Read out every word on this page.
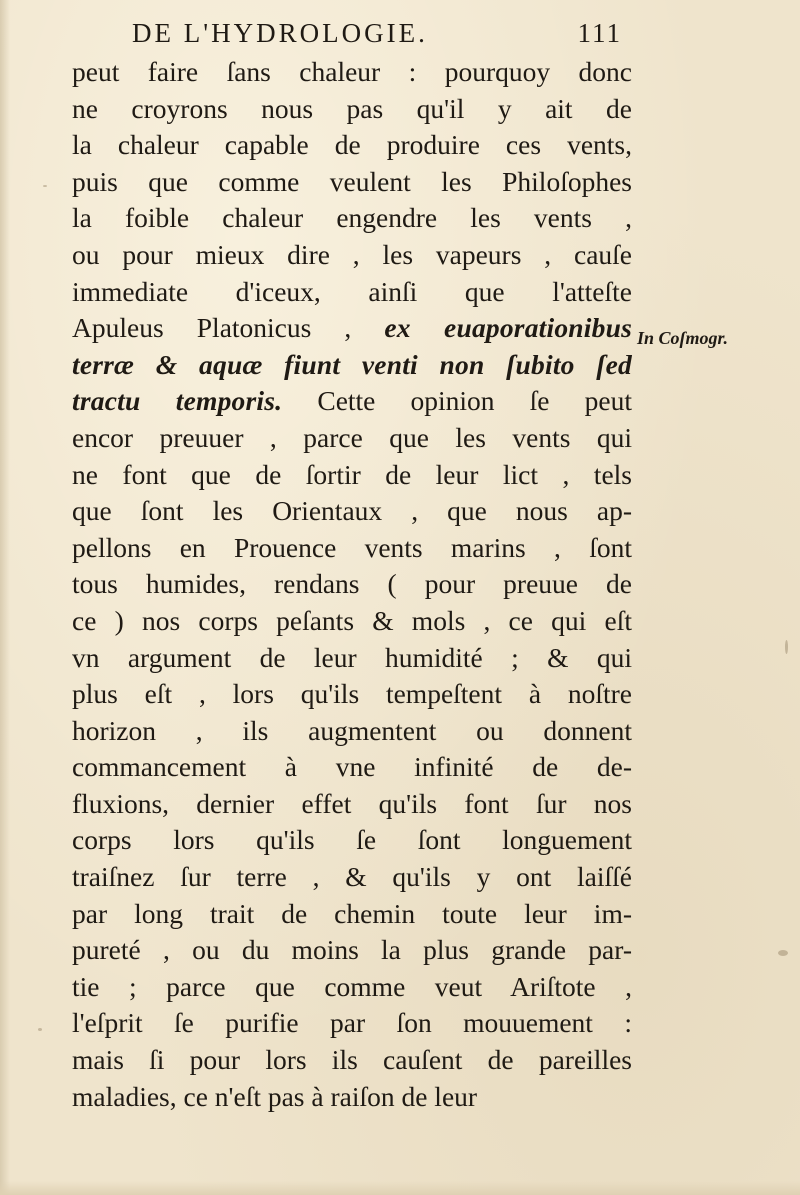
DE L'HYDROLOGIE.	111
peut faire ſans chaleur : pourquoy donc
ne croyrons nous pas qu'il y ait de
la chaleur capable de produire ces vents,
puis que comme veulent les Philoſophes
la foible chaleur engendre les vents ,
ou pour mieux dire , les vapeurs , cauſe
immediate d'iceux, ainſi que l'atteſte
Apuleus Platonicus , ex euaporationibus
terræ & aquæ fiunt venti non ſubito ſed
tractu temporis. Cette opinion ſe peut
encor preuuer , parce que les vents qui
ne font que de ſortir de leur lict , tels
que ſont les Orientaux , que nous ap-
pellons en Prouence vents marins , ſont
tous humides, rendans ( pour preuue de
ce ) nos corps peſants & mols , ce qui eſt
vn argument de leur humidité ; & qui
plus eſt , lors qu'ils tempeſtent à noſtre
horizon , ils augmentent ou donnent
commancement à vne infinité de de-
fluxions, dernier effet qu'ils font ſur nos
corps lors qu'ils ſe ſont longuement
traiſnez ſur terre , & qu'ils y ont laiſſé
par long trait de chemin toute leur im-
pureté , ou du moins la plus grande par-
tie ; parce que comme veut Ariſtote ,
l'eſprit ſe purifie par ſon mouuement :
mais ſi pour lors ils cauſent de pareilles
maladies, ce n'eſt pas à raiſon de leur
In Coſmogr.
